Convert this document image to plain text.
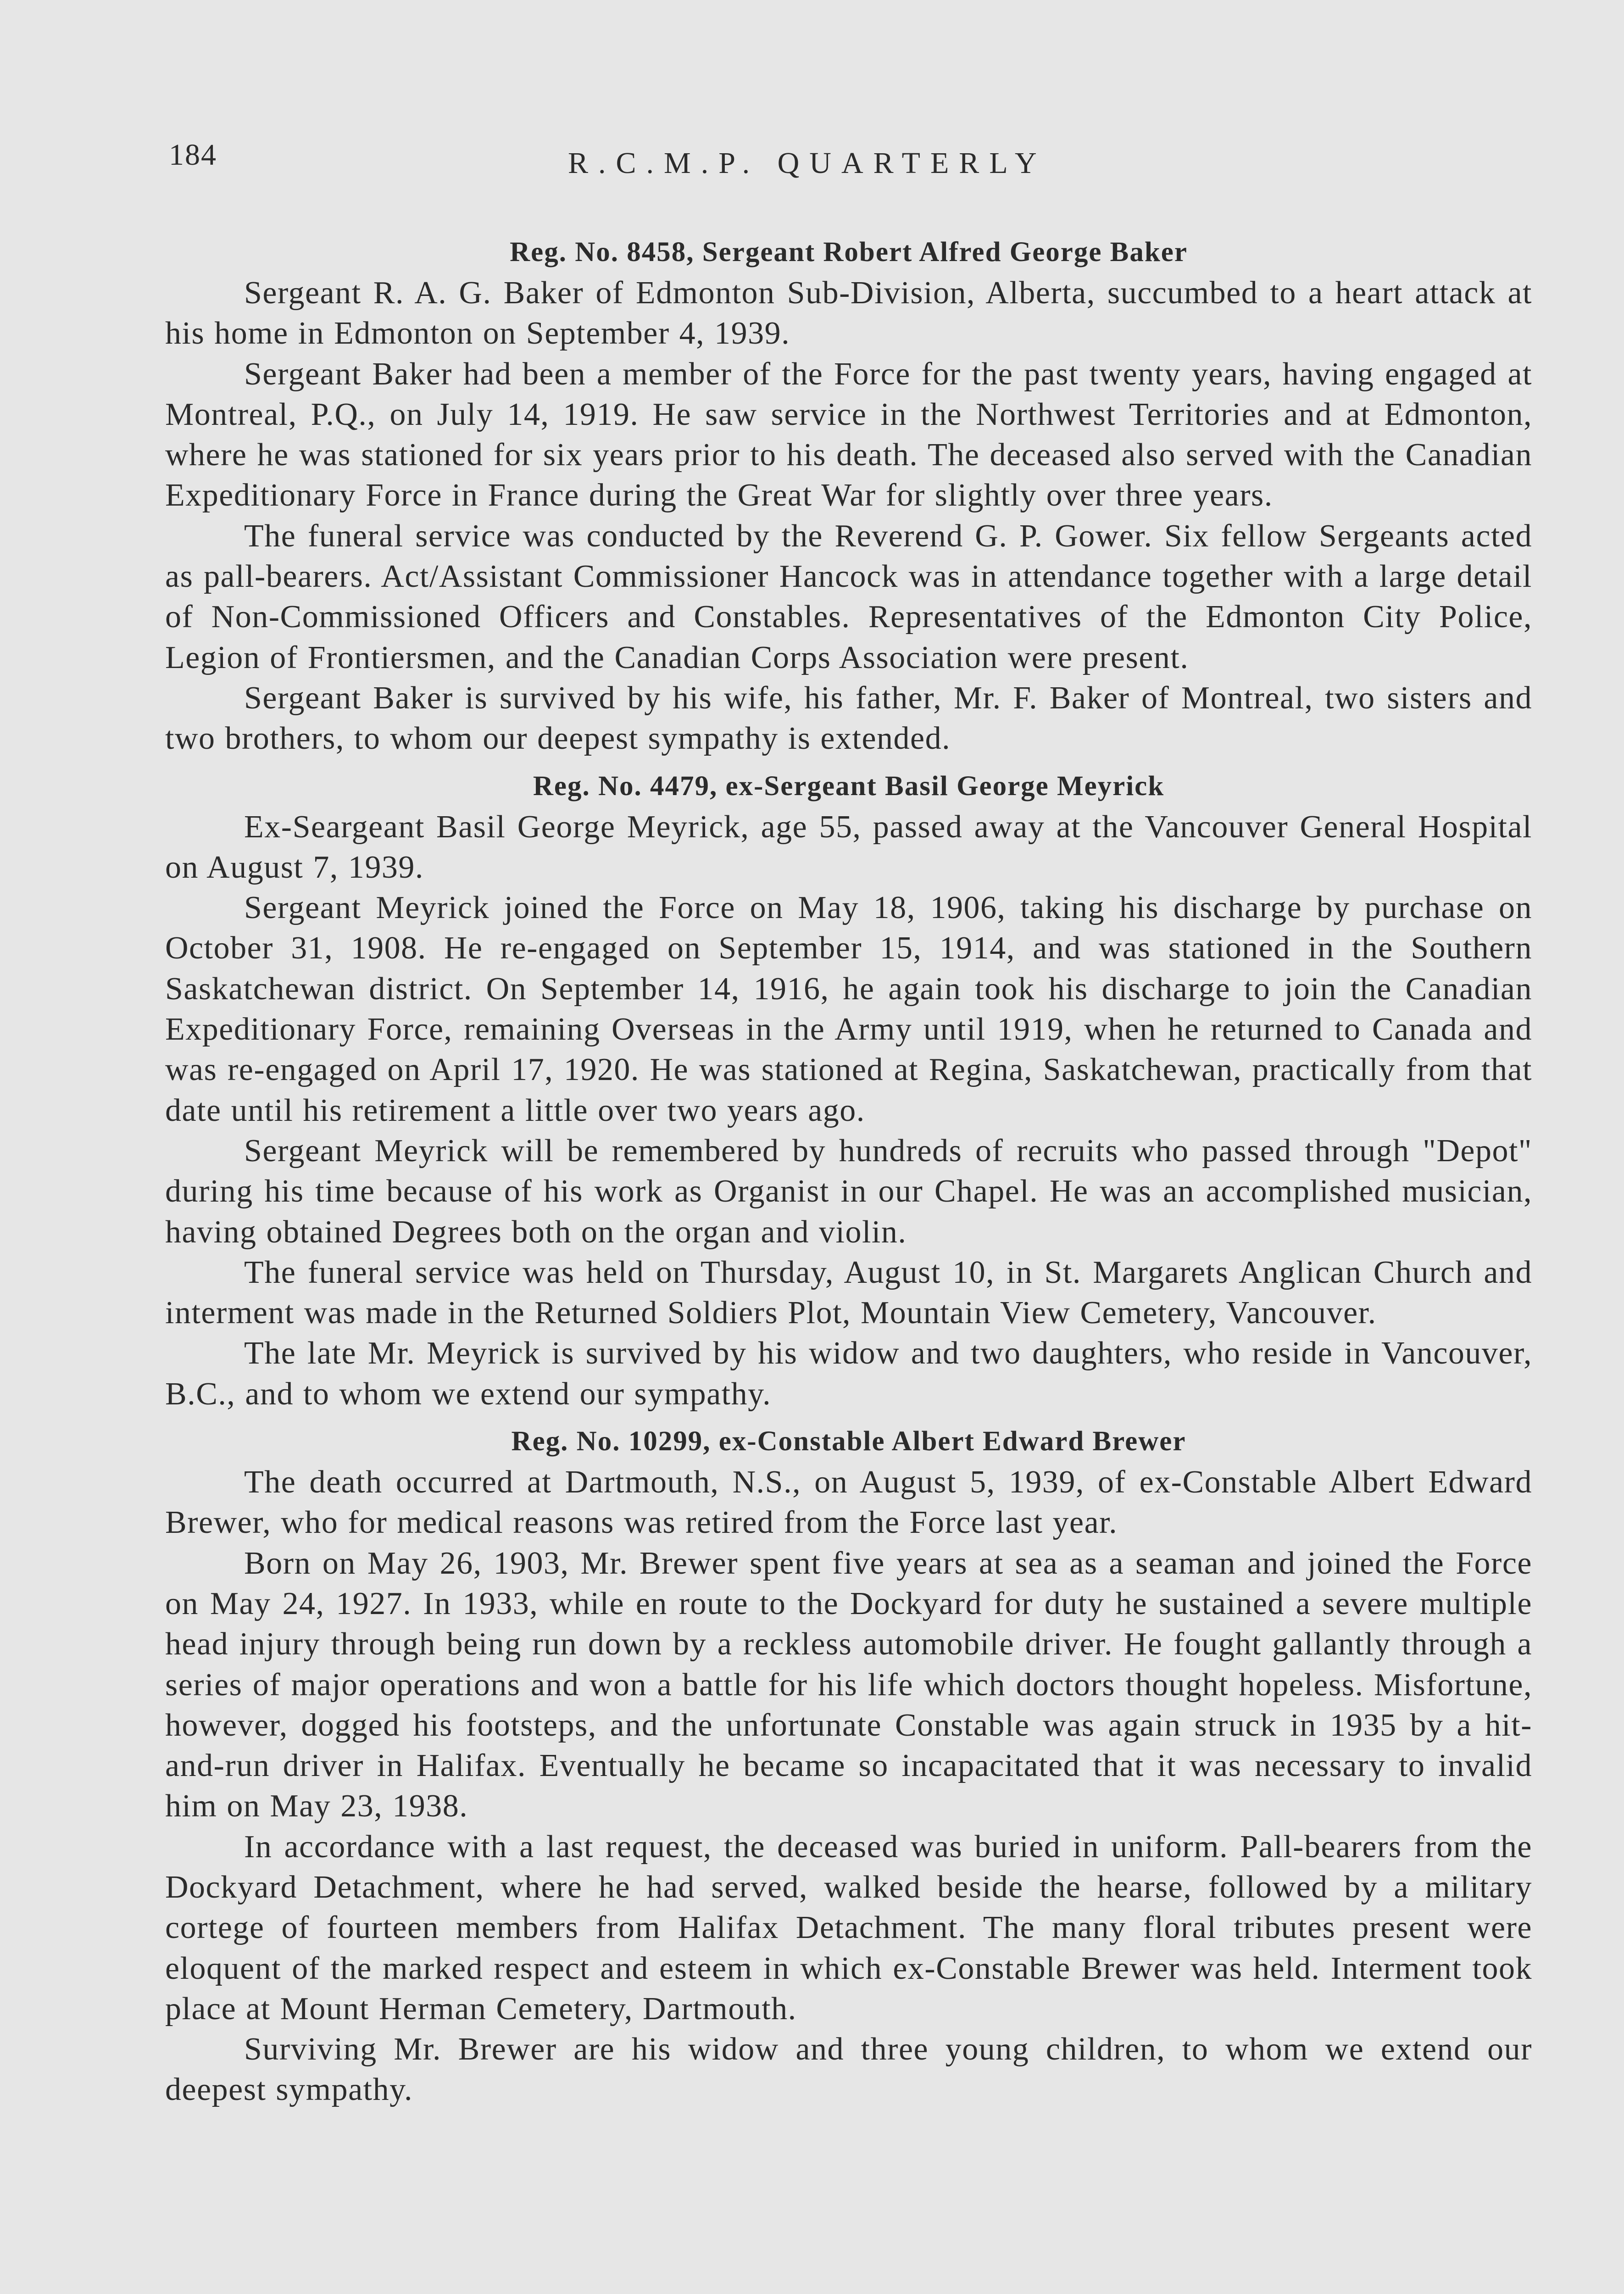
184	R.C.M.P. QUARTERLY
Reg. No. 8458, Sergeant Robert Alfred George Baker

Sergeant R. A. G. Baker of Edmonton Sub-Division, Alberta, succumbed to a heart attack at his home in Edmonton on September 4, 1939.

Sergeant Baker had been a member of the Force for the past twenty years, having engaged at Montreal, P.Q., on July 14, 1919. He saw service in the Northwest Territories and at Edmonton, where he was stationed for six years prior to his death. The deceased also served with the Canadian Expeditionary Force in France during the Great War for slightly over three years.

The funeral service was conducted by the Reverend G. P. Gower. Six fellow Sergeants acted as pall-bearers. Act/Assistant Commissioner Hancock was in attendance together with a large detail of Non-Commissioned Officers and Constables. Representatives of the Edmonton City Police, Legion of Frontiersmen, and the Canadian Corps Association were present.

Sergeant Baker is survived by his wife, his father, Mr. F. Baker of Montreal, two sisters and two brothers, to whom our deepest sympathy is extended.

Reg. No. 4479, ex-Sergeant Basil George Meyrick

Ex-Seargeant Basil George Meyrick, age 55, passed away at the Vancouver General Hospital on August 7, 1939.

Sergeant Meyrick joined the Force on May 18, 1906, taking his discharge by purchase on October 31, 1908. He re-engaged on September 15, 1914, and was stationed in the Southern Saskatchewan district. On September 14, 1916, he again took his discharge to join the Canadian Expeditionary Force, remaining Overseas in the Army until 1919, when he returned to Canada and was re-engaged on April 17, 1920. He was stationed at Regina, Saskatchewan, practically from that date until his retirement a little over two years ago.

Sergeant Meyrick will be remembered by hundreds of recruits who passed through "Depot" during his time because of his work as Organist in our Chapel. He was an accomplished musician, having obtained Degrees both on the organ and violin.

The funeral service was held on Thursday, August 10, in St. Margarets Anglican Church and interment was made in the Returned Soldiers Plot, Mountain View Cemetery, Vancouver.

The late Mr. Meyrick is survived by his widow and two daughters, who reside in Vancouver, B.C., and to whom we extend our sympathy.

Reg. No. 10299, ex-Constable Albert Edward Brewer

The death occurred at Dartmouth, N.S., on August 5, 1939, of ex-Constable Albert Edward Brewer, who for medical reasons was retired from the Force last year.

Born on May 26, 1903, Mr. Brewer spent five years at sea as a seaman and joined the Force on May 24, 1927. In 1933, while en route to the Dockyard for duty he sustained a severe multiple head injury through being run down by a reckless automobile driver. He fought gallantly through a series of major operations and won a battle for his life which doctors thought hopeless. Misfortune, however, dogged his footsteps, and the unfortunate Constable was again struck in 1935 by a hit-and-run driver in Halifax. Eventually he became so incapacitated that it was necessary to invalid him on May 23, 1938.

In accordance with a last request, the deceased was buried in uniform. Pall-bearers from the Dockyard Detachment, where he had served, walked beside the hearse, followed by a military cortege of fourteen members from Halifax Detachment. The many floral tributes present were eloquent of the marked respect and esteem in which ex-Constable Brewer was held. Interment took place at Mount Herman Cemetery, Dartmouth.

Surviving Mr. Brewer are his widow and three young children, to whom we extend our deepest sympathy.
